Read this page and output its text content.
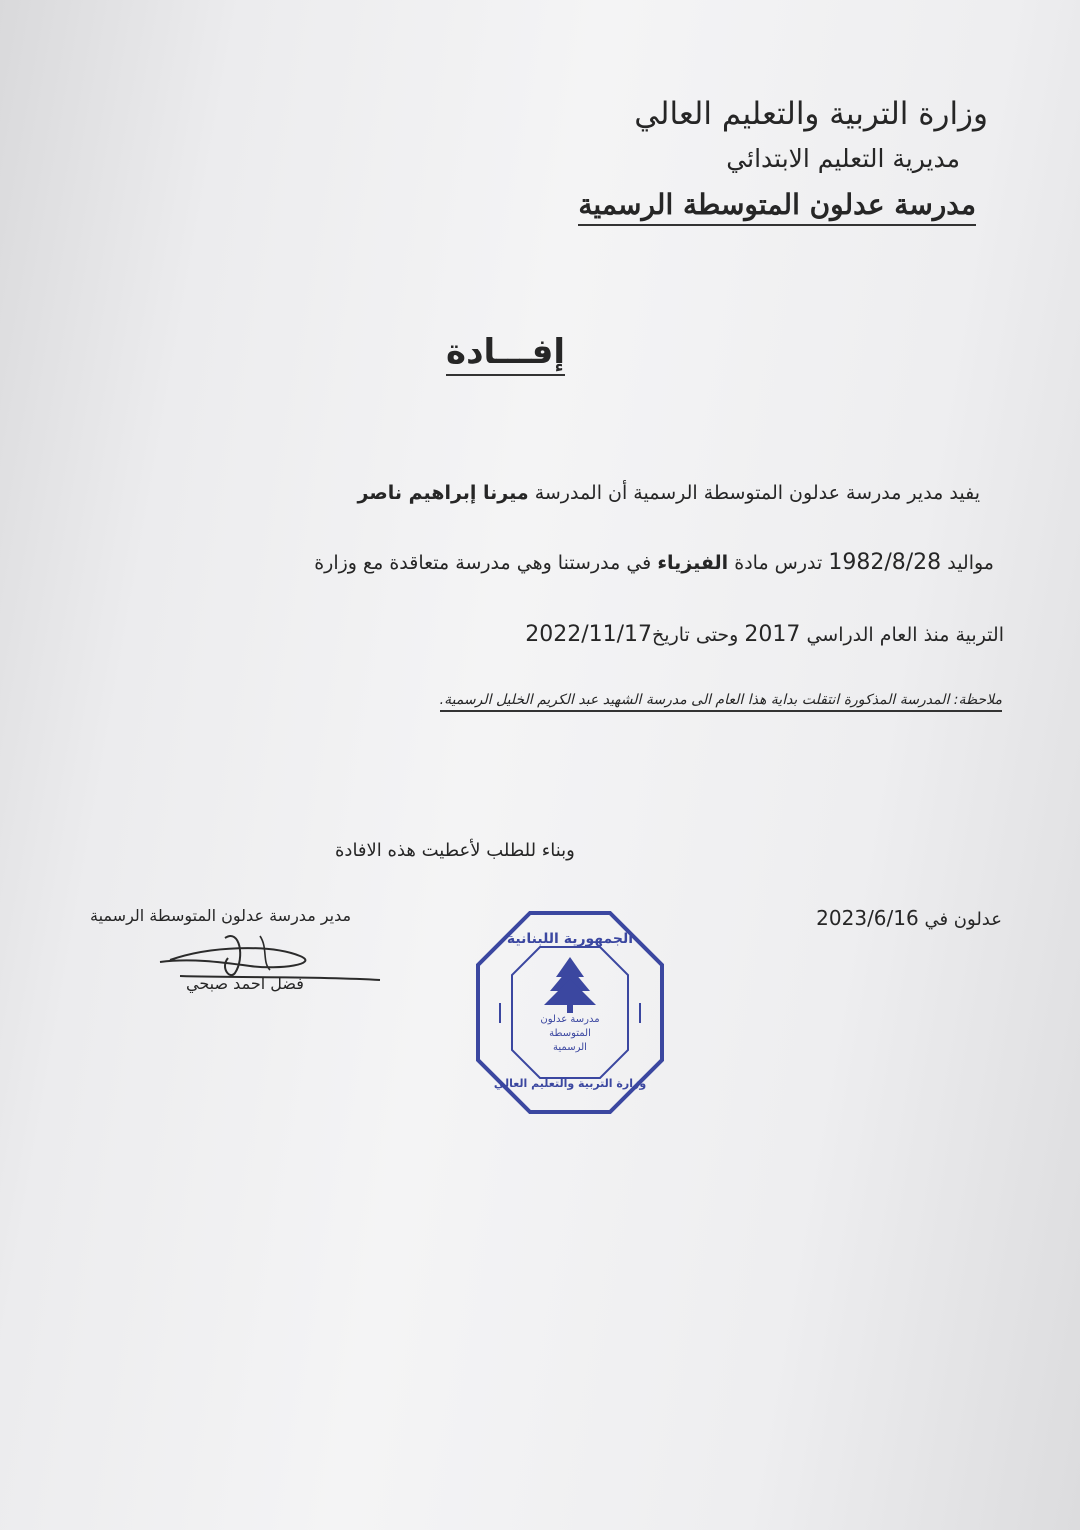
وزارة التربية والتعليم العالي
مديرية التعليم الابتدائي
مدرسة عدلون المتوسطة الرسمية
إفـــادة
يفيد مدير مدرسة عدلون المتوسطة الرسمية أن المدرسة ميرنا إبراهيم ناصر
مواليد 1982/8/28 تدرس مادة الفيزياء في مدرستنا وهي مدرسة متعاقدة مع وزارة
التربية منذ العام الدراسي 2017 وحتى تاريخ2022/11/17
ملاحظة: المدرسة المذكورة انتقلت بداية هذا العام الى مدرسة الشهيد عبد الكريم الخليل الرسمية.
وبناء للطلب لأعطيت هذه الافادة
عدلون في 2023/6/16
مدير مدرسة عدلون المتوسطة الرسمية
فضل احمد صبحي
الجمهورية اللبنانية
مدرسة عدلون المتوسطة الرسمية
وزارة التربية والتعليم العالي
